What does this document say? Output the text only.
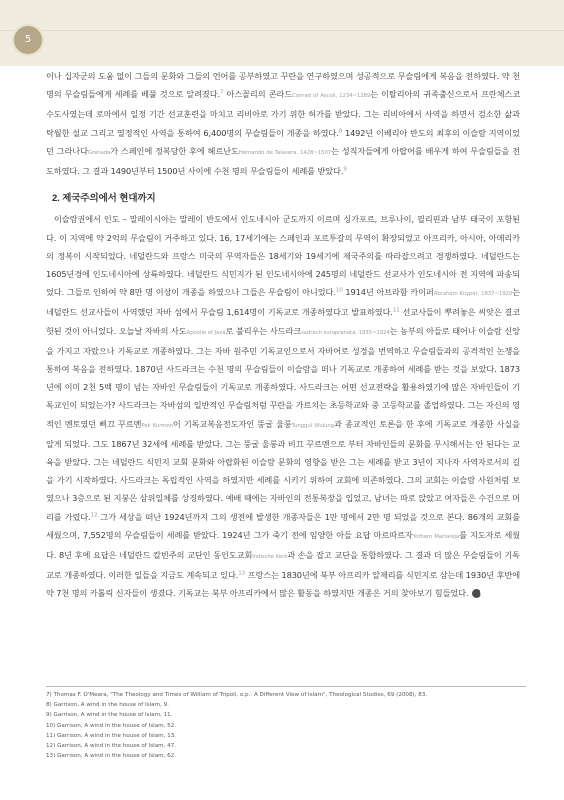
5

이나 십자군의 도움 없이 그들의 문화와 그들의 언어를 공부하였고 꾸란을 연구하였으며 성공적으로 무슬림에게 복음을 전하였다. 약 천 명의 무슬림들에게 세례를 베풀 것으로 알려졌다.$^7$ 아스꼴리의 콘라드Conrad of Ascoli, 1234~1289는 이탈리아의 귀족출신으로서 프란체스코 수도사였는데 로마에서 일정 기간 선교훈련을 마치고 리비아로 가기 위한 허가를 받았다. 그는 리비아에서 사역을 하면서 검소한 삶과 탁월한 설교 그리고 열정적인 사역을 통하여 6,400명의 무슬림들이 개종을 하였다.$^8$ 1492년 이베리아 반도의 최후의 이슬람 지역이었던 그라나다Grenada가 스페인에 정복당한 후에 헤르난도Hernando de Talavera, 1428~1507는 성직자들에게 아랍어를 배우게 하여 무슬림들을 전도하였다. 그 결과 1490년부터 1500년 사이에 수천 명의 무슬림들이 세례를 받았다.$^9$

2. 제국주의에서 현대까지

이슬람권에서 인도 – 말레이시아는 말레이 반도에서 인도네시아 군도까지 이르며 싱가포르, 브루나이, 필리핀과 남부 태국이 포함된다. 이 지역에 약 2억의 무슬림이 거주하고 있다. 16, 17세기에는 스페인과 포르투갈의 무역이 확장되었고 아프리카, 아시아, 아메리카의 정복이 시작되었다. 네덜란드와 프랑스 미국의 무역자들은 18세기와 19세기에 제국주의를 따라잡으려고 경쟁하였다. 네덜란드는 1605년경에 인도네시아에 상륙하였다. 네덜란드 식민지가 된 인도네시아에 245명의 네덜란드 선교사가 인도네시아 전 지역에 파송되었다. 그들로 인하여 약 8만 명 이상이 개종을 하였으나 그들은 무슬림이 아니었다.$^{10}$ 1914년 아브라함 카이퍼Abraham Kuyper, 1837~1920는 네덜란드 선교사들이 사역했던 자바 섬에서 무슬림 1,614명이 기독교로 개종하였다고 발표하였다.$^{11}$ 선교사들이 뿌려놓은 씨앗은 결코 헛된 것이 아니었다. 오늘날 자바의 사도Apostle of Java로 불리우는 사드라크sadrach surapranata, 1835~1924는 농부의 아들로 태어나 이슬람 신앙을 가지고 자랐으나 기독교로 개종하였다. 그는 자바 원주민 기독교인으로서 자바어로 성경을 번역하고 무슬림들과의 공격적인 논쟁을 통하여 복음을 전하였다. 1870년 사드라크는 수천 명의 무슬림들이 이슬람을 떠나 기독교로 개종하여 세례를 받는 것을 보았다. 1873년에 이미 2천 5백 명이 넘는 자바인 무슬림들이 기독교로 개종하였다. 사드라크는 어떤 선교전략을 활용하였기에 많은 자바인들이 기독교인이 되었는가? 사드라크는 자바섬의 일반적인 무슬림처럼 꾸란을 가르치는 초등학교와 중 고등학교를 졸업하였다. 그는 자신의 영적인 멘토였던 삐끄 꾸르멘Pak Kurmen이 기독교복음전도자인 뚱굴 울룽Tunggul Wulung과 종교적인 토론을 한 후에 기독교로 개종한 사실을 알게 되었다. 그도 1867년 32세에 세례를 받았다. 그는 뚱굴 울룽과 비끄 꾸르멘으로 부터 자바인들의 문화를 무시해서는 안 된다는 교육을 받았다. 그는 네덜란드 식민지 교회 문화와 아랍화된 이슬람 문화의 영향을 받은 그는 세례를 받고 3년이 지나자 사역자로서의 길을 가기 시작하였다. 사드라크는 독립적인 사역을 하였지만 세례를 시키기 위하여 교회에 의존하였다. 그의 교회는 이슬람 사원처럼 보였으나 3층으로 된 지붕은 삼위일체를 상징하였다. 예배 때에는 자바인의 전통복장을 입었고, 남녀는 따로 앉았고 여자들은 수건으로 머리를 가렸다.$^{12}$ 그가 세상을 떠난 1924년까지 그의 생전에 발생한 개종자들은 1만 명에서 2만 명 되었을 것으로 본다. 86개의 교회를 세웠으며, 7,552명의 무슬림들이 세례를 받았다. 1924년 그가 죽기 전에 임양한 아들 요답 마르따르자Yotham Martareja를 지도자로 세웠다. 8년 후에 요답은 네덜란드 칼빈주의 교단인 동인도교회Indische Kerk과 손을 잡고 교단을 통합하였다. 그 결과 더 많은 무슬림들이 기독교로 개종하였다. 이러한 일들을 지금도 계속되고 있다.$^{13}$ 프랑스는 1830년에 북부 아프리카 알제리를 식민지로 삼는데 1930년 후반에 약 7천 명의 카톨릭 신자들이 생겼다. 기독교는 북부 아프리카에서 많은 활동을 하였지만 개종은 거의 찾아보기 힘들었다. P

7) Thomas F. O'Meara, "The Theology and Times of William of Tripoli, o.p.: A Different View of Islam", Theological Studies, 69 (2008), 83.
8) Garrison, A wind in the house of Islam, 9.
9) Garrison, A wind in the house of Islam, 11.
10) Garrison, A wind in the house of Islam, 52.
11) Garrison, A wind in the house of Islam, 13.
12) Garrison, A wind in the house of Islam, 47.
13) Garrison, A wind in the house of Islam, 62.
